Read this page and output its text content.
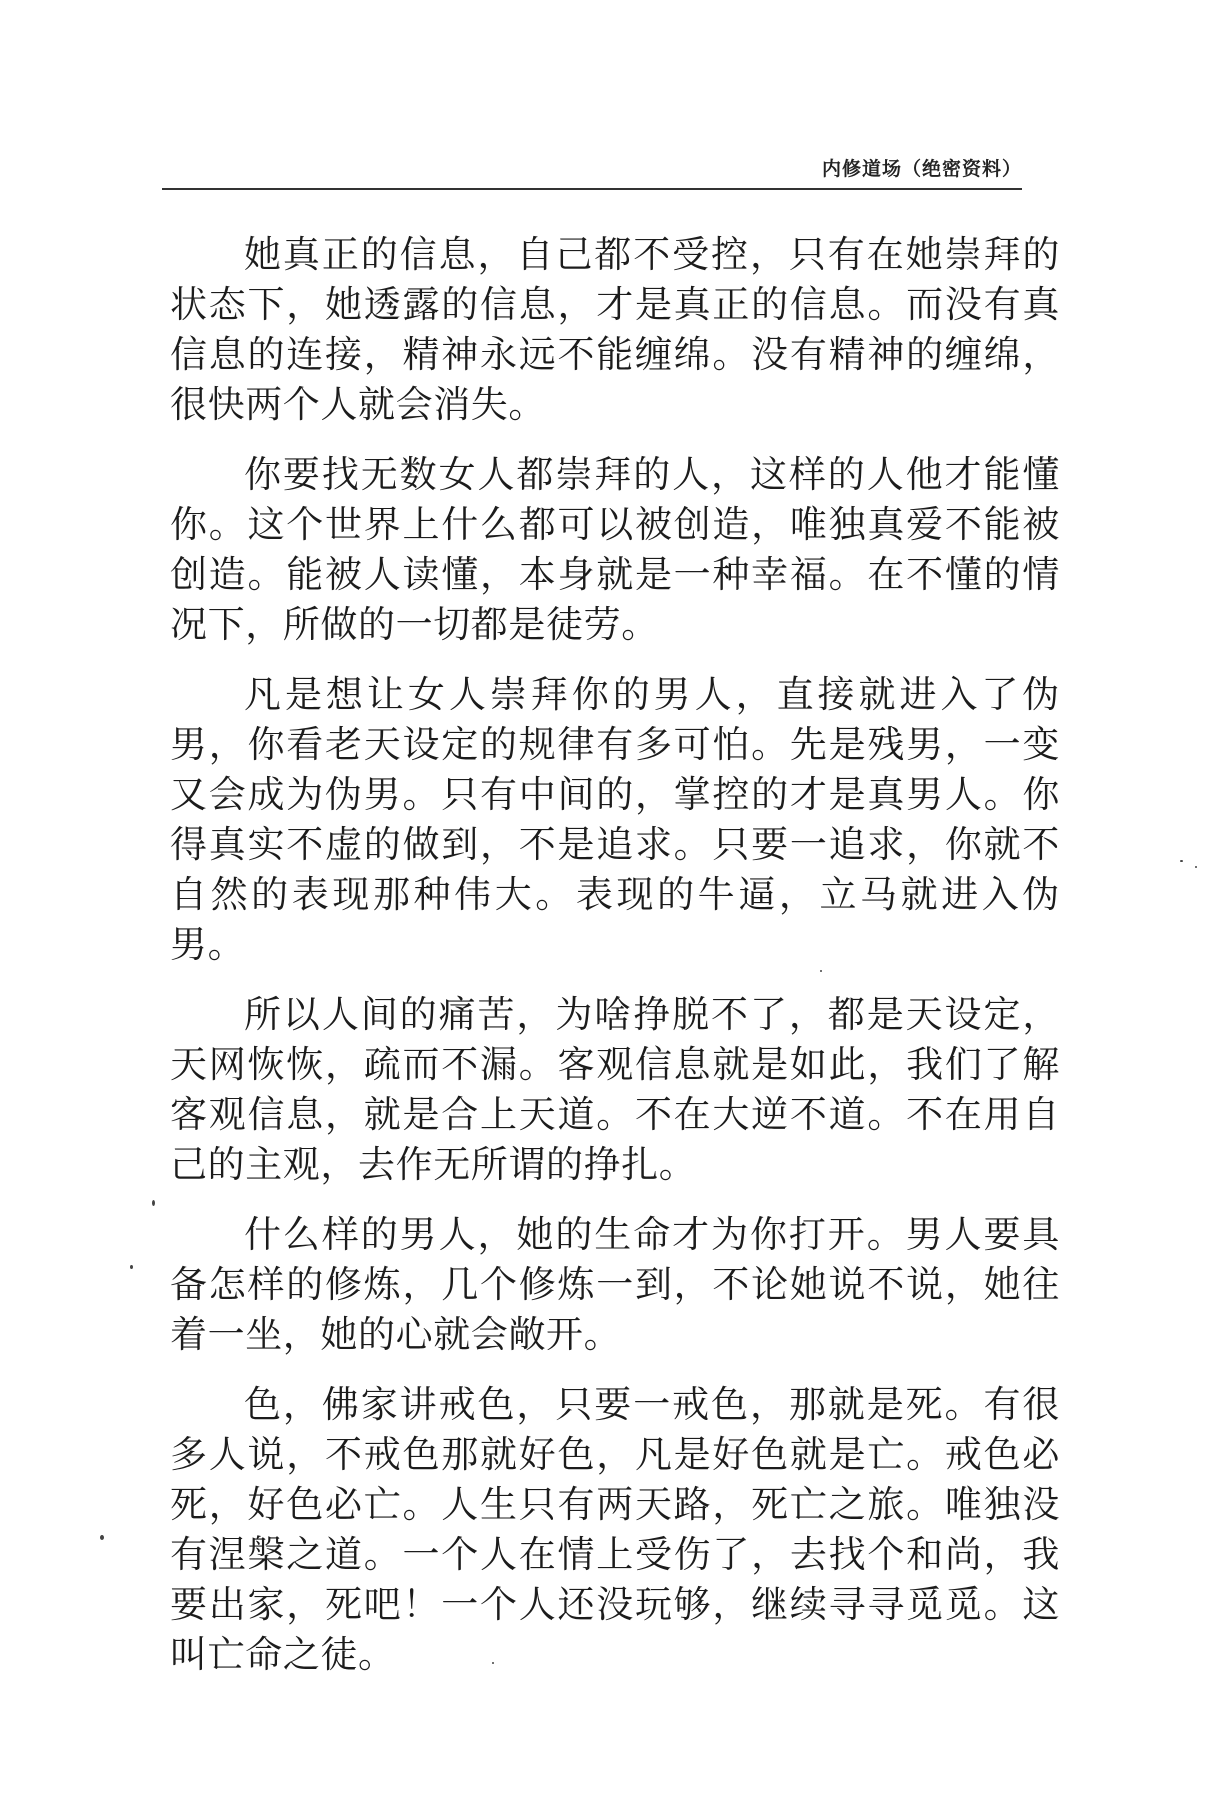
内修道场（绝密资料）

她真正的信息，自己都不受控，只有在她崇拜的状态下，她透露的信息，才是真正的信息。而没有真信息的连接，精神永远不能缠绵。没有精神的缠绵，很快两个人就会消失。

你要找无数女人都崇拜的人，这样的人他才能懂你。这个世界上什么都可以被创造，唯独真爱不能被创造。能被人读懂，本身就是一种幸福。在不懂的情况下，所做的一切都是徒劳。

凡是想让女人崇拜你的男人，直接就进入了伪男，你看老天设定的规律有多可怕。先是残男，一变又会成为伪男。只有中间的，掌控的才是真男人。你得真实不虚的做到，不是追求。只要一追求，你就不自然的表现那种伟大。表现的牛逼，立马就进入伪男。

所以人间的痛苦，为啥挣脱不了，都是天设定，天网恢恢，疏而不漏。客观信息就是如此，我们了解客观信息，就是合上天道。不在大逆不道。不在用自己的主观，去作无所谓的挣扎。

什么样的男人，她的生命才为你打开。男人要具备怎样的修炼，几个修炼一到，不论她说不说，她往着一坐，她的心就会敞开。

色，佛家讲戒色，只要一戒色，那就是死。有很多人说，不戒色那就好色，凡是好色就是亡。戒色必死，好色必亡。人生只有两天路，死亡之旅。唯独没有涅槃之道。一个人在情上受伤了，去找个和尚，我要出家，死吧！一个人还没玩够，继续寻寻觅觅。这叫亡命之徒。
